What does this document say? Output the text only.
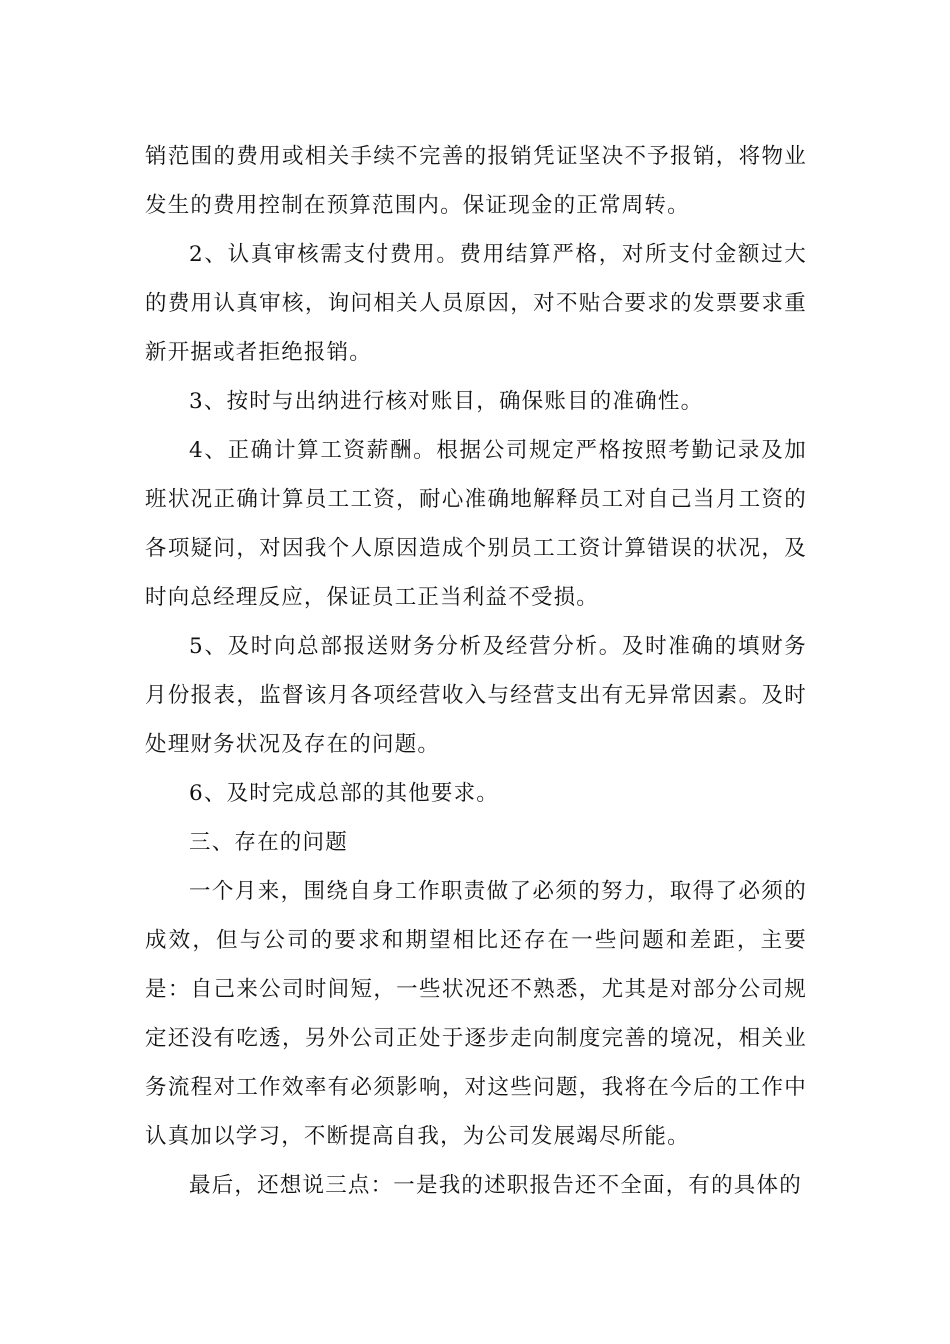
销范围的费用或相关手续不完善的报销凭证坚决不予报销，将物业发生的费用控制在预算范围内。保证现金的正常周转。

2、认真审核需支付费用。费用结算严格，对所支付金额过大的费用认真审核，询问相关人员原因，对不贴合要求的发票要求重新开据或者拒绝报销。

3、按时与出纳进行核对账目，确保账目的准确性。

4、正确计算工资薪酬。根据公司规定严格按照考勤记录及加班状况正确计算员工工资，耐心准确地解释员工对自己当月工资的各项疑问，对因我个人原因造成个别员工工资计算错误的状况，及时向总经理反应，保证员工正当利益不受损。

5、及时向总部报送财务分析及经营分析。及时准确的填财务月份报表，监督该月各项经营收入与经营支出有无异常因素。及时处理财务状况及存在的问题。

6、及时完成总部的其他要求。

三、存在的问题

一个月来，围绕自身工作职责做了必须的努力，取得了必须的成效，但与公司的要求和期望相比还存在一些问题和差距，主要是：自己来公司时间短，一些状况还不熟悉，尤其是对部分公司规定还没有吃透，另外公司正处于逐步走向制度完善的境况，相关业务流程对工作效率有必须影响，对这些问题，我将在今后的工作中认真加以学习，不断提高自我，为公司发展竭尽所能。

最后，还想说三点：一是我的述职报告还不全面，有的具体的
